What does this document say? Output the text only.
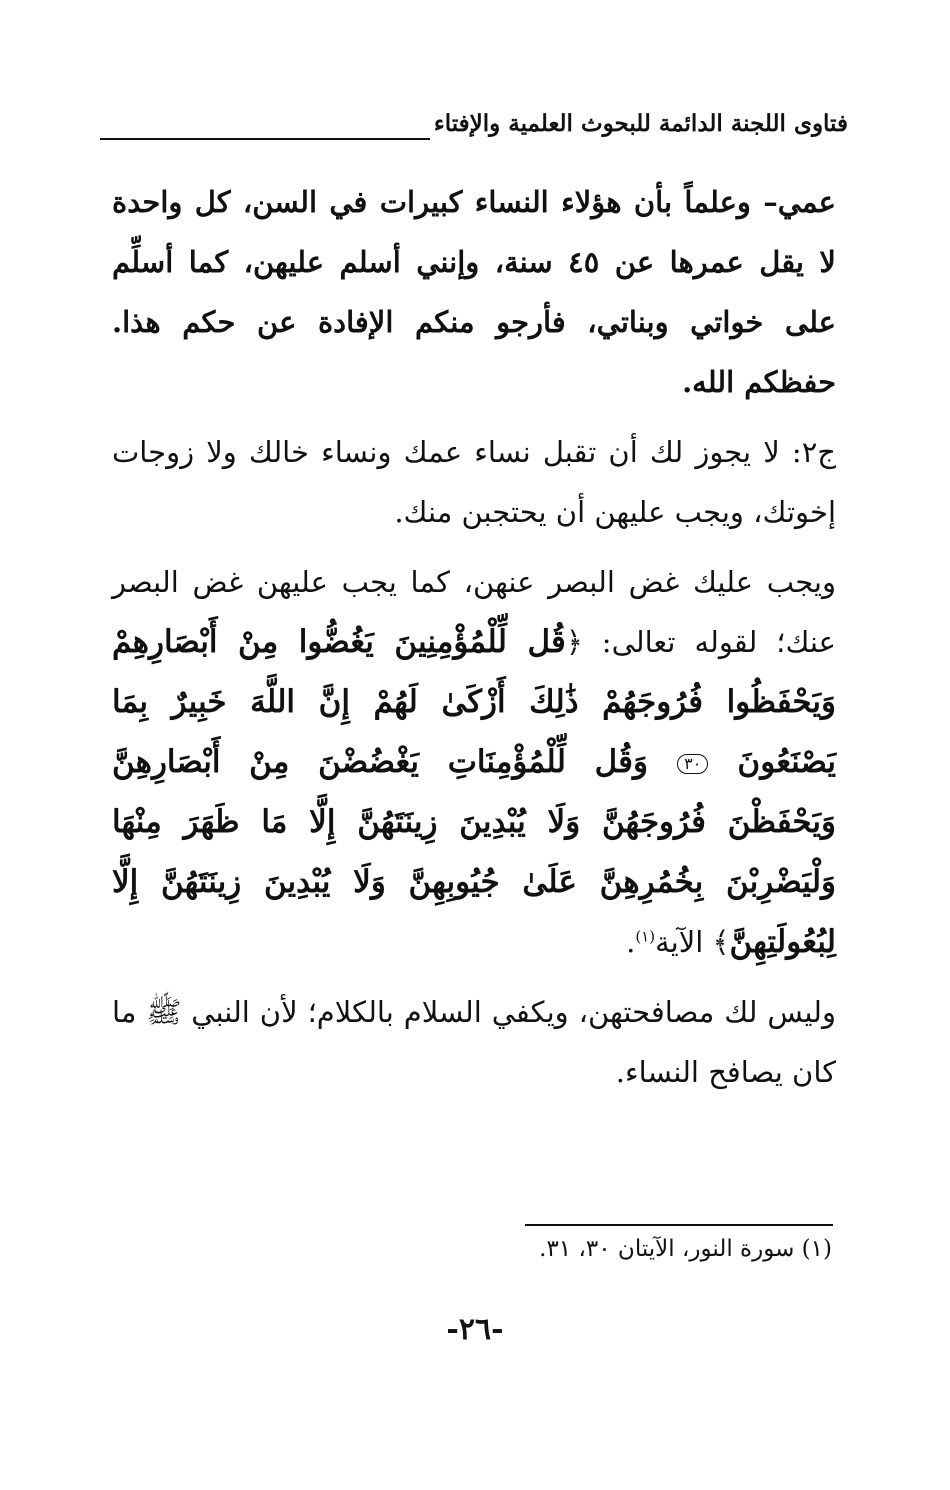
فتاوى اللجنة الدائمة للبحوث العلمية والإفتاء

عمي– وعلماً بأن هؤلاء النساء كبيرات في السن، كل واحدة لا يقل عمرها عن ٤٥ سنة، وإنني أسلم عليهن، كما أسلِّم على خواتي وبناتي، فأرجو منكم الإفادة عن حكم هذا. حفظكم الله.

ج٢: لا يجوز لك أن تقبل نساء عمك ونساء خالك ولا زوجات إخوتك، ويجب عليهن أن يحتجبن منك.

ويجب عليك غض البصر عنهن، كما يجب عليهن غض البصر عنك؛ لقوله تعالى: ﴿قُل لِّلْمُؤْمِنِينَ يَغُضُّوا مِنْ أَبْصَارِهِمْ وَيَحْفَظُوا فُرُوجَهُمْ ذَٰلِكَ أَزْكَىٰ لَهُمْ إِنَّ اللَّهَ خَبِيرٌ بِمَا يَصْنَعُونَ ٣٠ وَقُل لِّلْمُؤْمِنَاتِ يَغْضُضْنَ مِنْ أَبْصَارِهِنَّ وَيَحْفَظْنَ فُرُوجَهُنَّ وَلَا يُبْدِينَ زِينَتَهُنَّ إِلَّا مَا ظَهَرَ مِنْهَا وَلْيَضْرِبْنَ بِخُمُرِهِنَّ عَلَىٰ جُيُوبِهِنَّ وَلَا يُبْدِينَ زِينَتَهُنَّ إِلَّا لِبُعُولَتِهِنَّ﴾ الآية$^{(١)}$.

وليس لك مصافحتهن، ويكفي السلام بالكلام؛ لأن النبي ﷺ ما كان يصافح النساء.

(١) سورة النور، الآيتان ٣٠، ٣١.
-٢٦-
